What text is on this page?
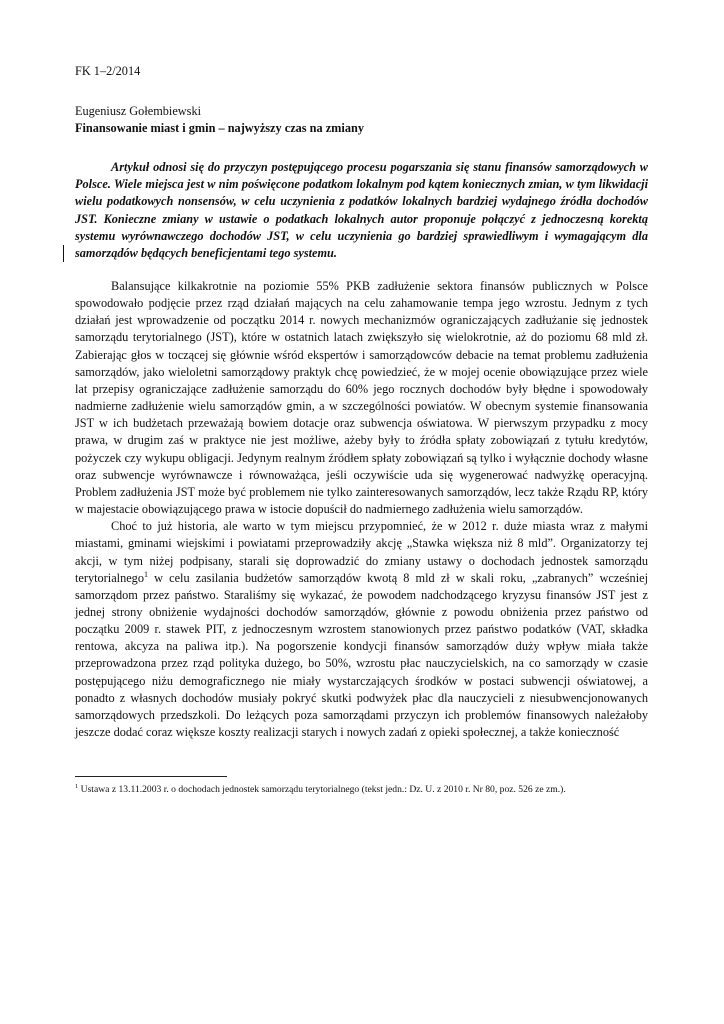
FK 1–2/2014
Eugeniusz Gołembiewski
Finansowanie miast i gmin – najwyższy czas na zmiany

Artykuł odnosi się do przyczyn postępującego procesu pogarszania się stanu finansów samorządowych w Polsce. Wiele miejsca jest w nim poświęcone podatkom lokalnym pod kątem koniecznych zmian, w tym likwidacji wielu podatkowych nonsensów, w celu uczynienia z podatków lokalnych bardziej wydajnego źródła dochodów JST. Konieczne zmiany w ustawie o podatkach lokalnych autor proponuje połączyć z jednoczesną korektą systemu wyrównawczego dochodów JST, w celu uczynienia go bardziej sprawiedliwym i wymagającym dla samorządów będących beneficjentami tego systemu.

Balansujące kilkakrotnie na poziomie 55% PKB zadłużenie sektora finansów publicznych w Polsce spowodowało podjęcie przez rząd działań mających na celu zahamowanie tempa jego wzrostu. Jednym z tych działań jest wprowadzenie od początku 2014 r. nowych mechanizmów ograniczających zadłużanie się jednostek samorządu terytorialnego (JST), które w ostatnich latach zwiększyło się wielokrotnie, aż do poziomu 68 mld zł. Zabierając głos w toczącej się głównie wśród ekspertów i samorządowców debacie na temat problemu zadłużenia samorządów, jako wieloletni samorządowy praktyk chcę powiedzieć, że w mojej ocenie obowiązujące przez wiele lat przepisy ograniczające zadłużenie samorządu do 60% jego rocznych dochodów były błędne i spowodowały nadmierne zadłużenie wielu samorządów gmin, a w szczególności powiatów. W obecnym systemie finansowania JST w ich budżetach przeważają bowiem dotacje oraz subwencja oświatowa. W pierwszym przypadku z mocy prawa, w drugim zaś w praktyce nie jest możliwe, ażeby były to źródła spłaty zobowiązań z tytułu kredytów, pożyczek czy wykupu obligacji. Jedynym realnym źródłem spłaty zobowiązań są tylko i wyłącznie dochody własne oraz subwencje wyrównawcze i równoważąca, jeśli oczywiście uda się wygenerować nadwyżkę operacyjną. Problem zadłużenia JST może być problemem nie tylko zainteresowanych samorządów, lecz także Rządu RP, który w majestacie obowiązującego prawa w istocie dopuścił do nadmiernego zadłużenia wielu samorządów.

Choć to już historia, ale warto w tym miejscu przypomnieć, że w 2012 r. duże miasta wraz z małymi miastami, gminami wiejskimi i powiatami przeprowadziły akcję „Stawka większa niż 8 mld”. Organizatorzy tej akcji, w tym niżej podpisany, starali się doprowadzić do zmiany ustawy o dochodach jednostek samorządu terytorialnego$^1$ w celu zasilania budżetów samorządów kwotą 8 mld zł w skali roku, „zabranych” wcześniej samorządom przez państwo. Staraliśmy się wykazać, że powodem nadchodzącego kryzysu finansów JST jest z jednej strony obniżenie wydajności dochodów samorządów, głównie z powodu obniżenia przez państwo od początku 2009 r. stawek PIT, z jednoczesnym wzrostem stanowionych przez państwo podatków (VAT, składka rentowa, akcyza na paliwa itp.). Na pogorszenie kondycji finansów samorządów duży wpływ miała także przeprowadzona przez rząd polityka dużego, bo 50%, wzrostu płac nauczycielskich, na co samorządy w czasie postępującego niżu demograficznego nie miały wystarczających środków w postaci subwencji oświatowej, a ponadto z własnych dochodów musiały pokryć skutki podwyżek płac dla nauczycieli z niesubwencjonowanych samorządowych przedszkoli. Do leżących poza samorządami przyczyn ich problemów finansowych należałoby jeszcze dodać coraz większe koszty realizacji starych i nowych zadań z opieki społecznej, a także konieczność

$^1$ Ustawa z 13.11.2003 r. o dochodach jednostek samorządu terytorialnego (tekst jedn.: Dz. U. z 2010 r. Nr 80, poz. 526 ze zm.).
